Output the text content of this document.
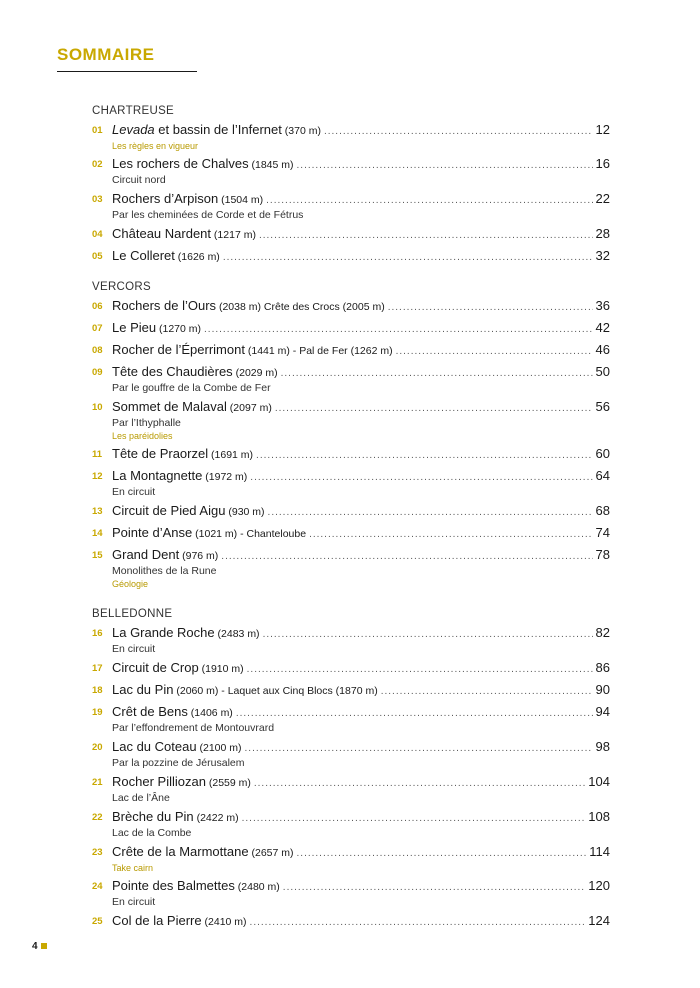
SOMMAIRE
CHARTREUSE
01 Levada et bassin de l’Infernet (370 m) .....	12
Les règles en vigueur
02 Les rochers de Chalves (1845 m) .....	16
Circuit nord
03 Rochers d’Arpison (1504 m) .....	22
Par les cheminées de Corde et de Fétrus
04 Château Nardent (1217 m) .....	28
05 Le Colleret (1626 m) .....	32
VERCORS
06 Rochers de l’Ours (2038 m) Crête des Crocs (2005 m) .....	36
07 Le Pieu (1270 m) .....	42
08 Rocher de l’Éperrimont (1441 m) - Pal de Fer (1262 m) .....	46
09 Tête des Chaudières (2029 m) .....	50
Par le gouffre de la Combe de Fer
10 Sommet de Malaval (2097 m) .....	56
Par l’Ithyphalle
Les paréidolies
11 Tête de Praorzel (1691 m) .....	60
12 La Montagnette (1972 m) .....	64
En circuit
13 Circuit de Pied Aigu (930 m) .....	68
14 Pointe d’Anse (1021 m) - Chanteloube .....	74
15 Grand Dent (976 m) .....	78
Monolithes de la Rune
Géologie
BELLEDONNE
16 La Grande Roche (2483 m) .....	82
En circuit
17 Circuit de Crop (1910 m) .....	86
18 Lac du Pin (2060 m) - Laquet aux Cinq Blocs (1870 m) .....	90
19 Crêt de Bens (1406 m) .....	94
Par l’effondrement de Montouvrard
20 Lac du Coteau (2100 m) .....	98
Par la pozzine de Jérusalem
21 Rocher Pilliozan (2559 m) .....	104
Lac de l’Âne
22 Brèche du Pin (2422 m) .....	108
Lac de la Combe
23 Crête de la Marmottane (2657 m) .....	114
Take cairn
24 Pointe des Balmettes (2480 m) .....	120
En circuit
25 Col de la Pierre (2410 m) .....	124
4
